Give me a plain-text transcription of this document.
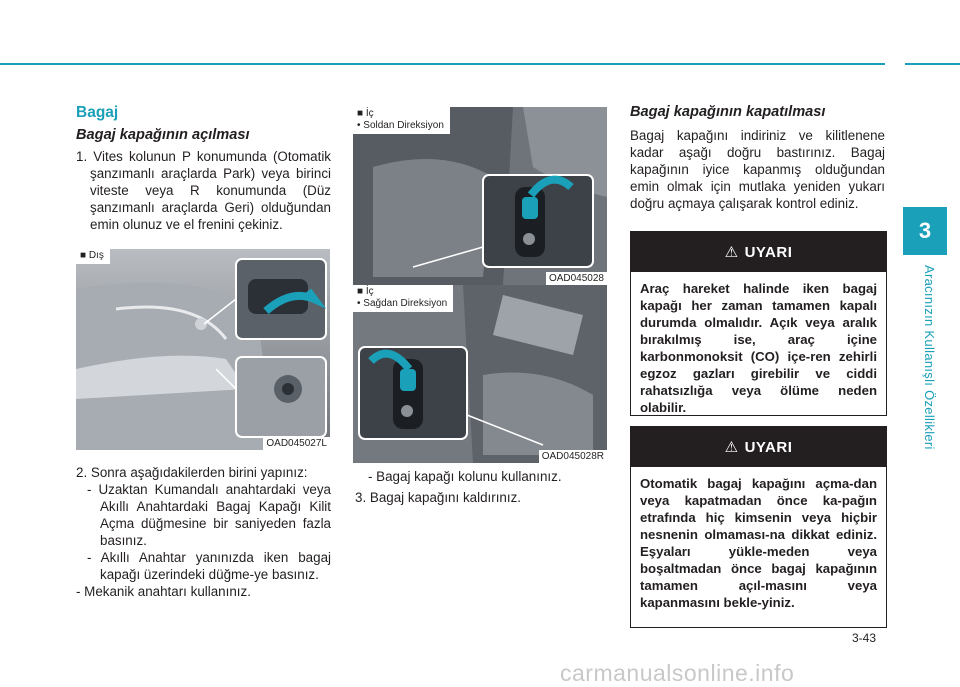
3
Aracınızın Kullanışlı Özellikleri
Bagaj
Bagaj kapağının açılması

1. Vites kolunun P konumunda (Otomatik şanzımanlı araçlarda Park) veya birinci viteste veya R konumunda (Düz şanzımanlı araçlarda Geri) olduğundan emin olunuz ve el frenini çekiniz.

■ Dış
OAD045027L

2. Sonra aşağıdakilerden birini yapınız:

- Uzaktan Kumandalı anahtardaki veya Akıllı Anahtardaki Bagaj Kapağı Kilit Açma düğmesine bir saniyeden fazla basınız.

- Akıllı Anahtar yanınızda iken bagaj kapağı üzerindeki düğme-ye basınız.

- Mekanik anahtarı kullanınız.

■ İç
• Soldan Direksiyon
OAD045028
■ İç
• Sağdan Direksiyon
OAD045028R

- Bagaj kapağı kolunu kullanınız.

3. Bagaj kapağını kaldırınız.

Bagaj kapağının kapatılması

Bagaj kapağını indiriniz ve kilitlenene kadar aşağı doğru bastırınız. Bagaj kapağının iyice kapanmış olduğundan emin olmak için mutlaka yeniden yukarı doğru açmaya çalışarak kontrol ediniz.

⚠ UYARI
Araç hareket halinde iken bagaj kapağı her zaman tamamen kapalı durumda olmalıdır. Açık veya aralık bırakılmış ise, araç içine karbonmonoksit (CO) içe-ren zehirli egzoz gazları girebilir ve ciddi rahatsızlığa veya ölüme neden olabilir.
⚠ UYARI
Otomatik bagaj kapağını açma-dan veya kapatmadan önce ka-pağın etrafında hiç kimsenin veya hiçbir nesnenin olmaması-na dikkat ediniz. Eşyaları yükle-meden veya boşaltmadan önce bagaj kapağının tamamen açıl-masını veya kapanmasını bekle-yiniz.
3-43
carmanualsonline.info
